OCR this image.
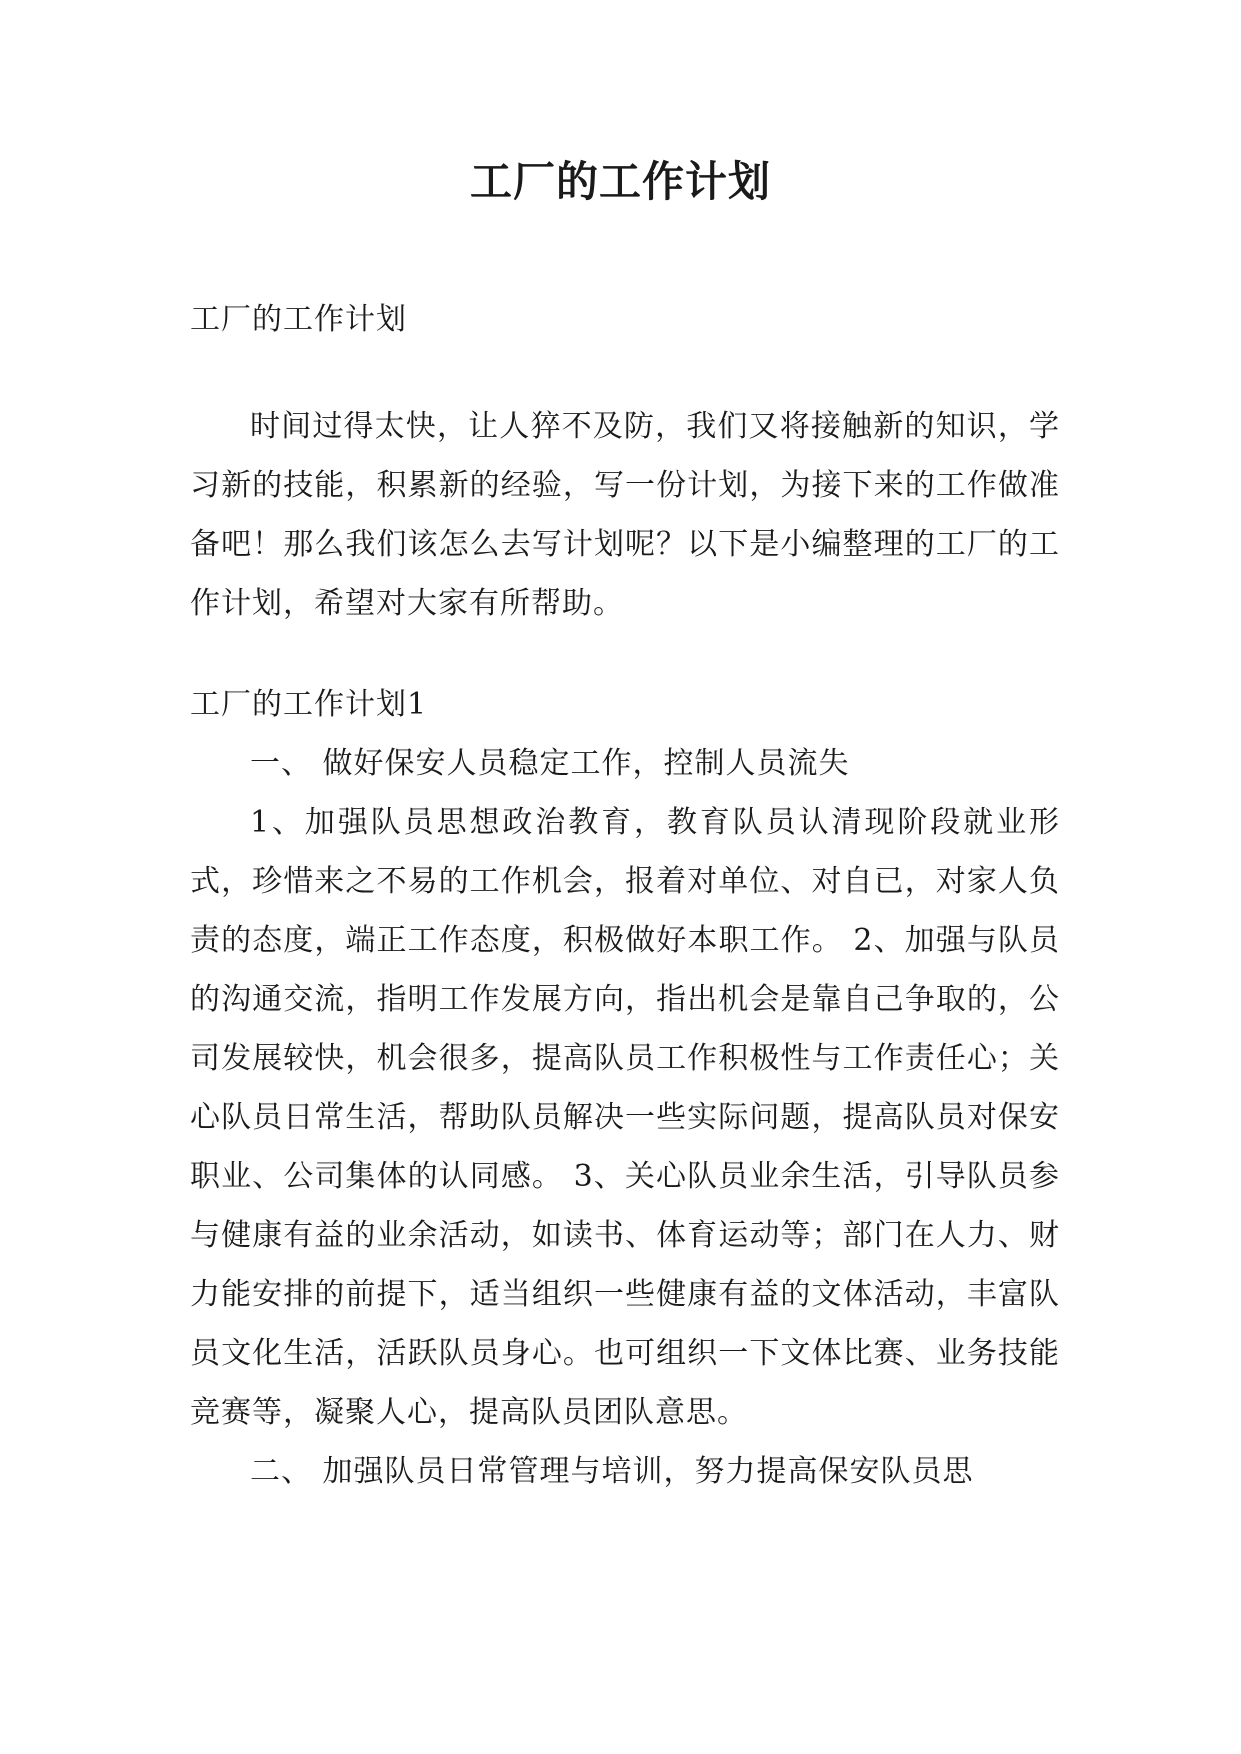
工厂的工作计划

工厂的工作计划

时间过得太快，让人猝不及防，我们又将接触新的知识，学习新的技能，积累新的经验，写一份计划，为接下来的工作做准备吧！那么我们该怎么去写计划呢？以下是小编整理的工厂的工作计划，希望对大家有所帮助。

工厂的工作计划1

一、 做好保安人员稳定工作，控制人员流失

1、加强队员思想政治教育，教育队员认清现阶段就业形式，珍惜来之不易的工作机会，报着对单位、对自已，对家人负责的态度，端正工作态度，积极做好本职工作。 2、加强与队员的沟通交流，指明工作发展方向，指出机会是靠自己争取的，公司发展较快，机会很多，提高队员工作积极性与工作责任心；关心队员日常生活，帮助队员解决一些实际问题，提高队员对保安职业、公司集体的认同感。 3、关心队员业余生活，引导队员参与健康有益的业余活动，如读书、体育运动等；部门在人力、财力能安排的前提下，适当组织一些健康有益的文体活动，丰富队员文化生活，活跃队员身心。也可组织一下文体比赛、业务技能竞赛等，凝聚人心，提高队员团队意思。

二、 加强队员日常管理与培训，努力提高保安队员思
